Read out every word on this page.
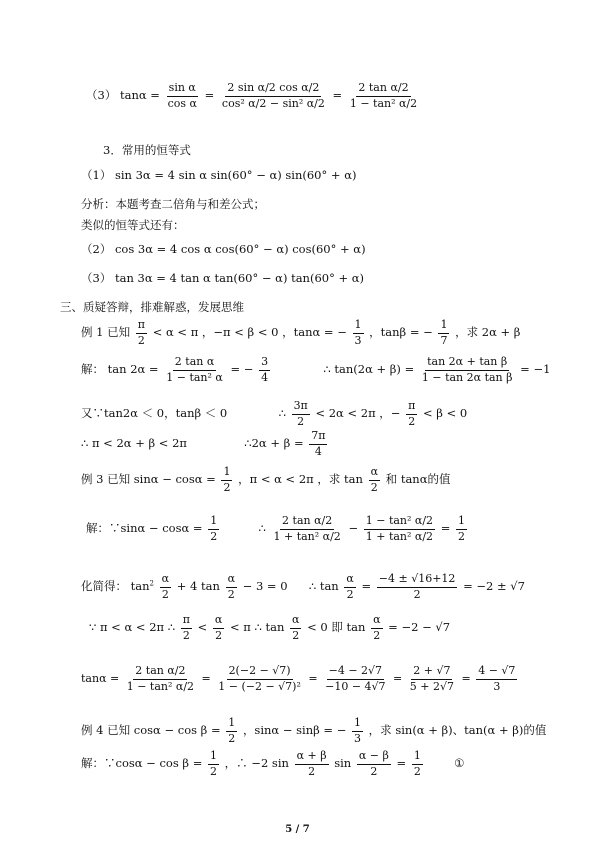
（3） $\tan\alpha = \frac{\text{sin α}}{\text{cos α}} = \frac{\text{2 sin α/2 cos α/2}}{\text{cos² α/2 − sin² α/2}} = \frac{\text{2 tan α/2}}{\text{1 − tan² α/2}}$
3．常用的恒等式
（1） sin 3α = 4 sin α sin(60° − α) sin(60° + α)
分析：本题考查二倍角与和差公式；
类似的恒等式还有：
（2） cos 3α = 4 cos α cos(60° − α) cos(60° + α)
（3） tan 3α = 4 tan α tan(60° − α) tan(60° + α)
三、质疑答辩，排难解惑，发展思维
例 1 已知 $\frac{\pi}{2} < \alpha < \pi$ ，−π < β < 0 ，tanα = − $\frac{1}{3}$ ，tanβ = − $\frac{1}{7}$ ，求 2α + β
解： $\tan 2\alpha = \frac{\text{2 tan α}}{\text{1 − tan² α}}$ = − $\frac{3}{4}$	∴ $\tan(2\alpha + \beta) = \frac{\text{tan 2α + tan β}}{\text{1 − tan 2α tan β}} = -1$
又∵tan2α ＜ 0，tanβ ＜ 0	∴ $\frac{3\pi}{2} < 2\alpha < 2\pi$ ，− $\frac{\pi}{2} < \beta < 0$
∴ π < 2α + β < 2π	∴2α + $\beta = \frac{7\pi}{4}$
例 3 已知 $\sin\alpha - \cos\alpha = \frac{1}{2}$ ，π < α < 2π ，求 $\tan \frac{\alpha}{2}$ 和 tanα的值
解：∵sinα − $\cos\alpha = \frac{1}{2}$	∴ $\frac{\text{2 tan α/2}}{\text{1 + tan² α/2}} - \frac{\text{1 − tan² α/2}}{\text{1 + tan² α/2}} = \frac{1}{2}$
化简得： $\tan^2 \frac{\alpha}{2} + 4$ $\tan \frac{\alpha}{2} - 3 = 0$ ∴ $\tan \frac{\alpha}{2} = \frac{-4 \pm √16+12}{2} = -2 \pm √7$
∵ π < α < 2π ∴ $\frac{\pi}{2} < \frac{\alpha}{2} < \pi$ ∴ $\tan \frac{\alpha}{2} < 0$ 即 $\tan \frac{\alpha}{2} = -2 - √7$
$\tan\alpha = \frac{\text{2 tan α/2}}{\text{1 − tan² α/2}} = \frac{2(-2 - √7)}{\text{1 − (−2 − √7)²}} = \frac{-4 - 2√7}{-10 - 4√7} = \frac{2 + √7}{5 + 2√7} = \frac{4 - √7}{3}$
例 4 已知 $\cos\alpha - \cos \beta = \frac{1}{2}$ ，sinα − sinβ = − $\frac{1}{3}$ ，求 sin(α + β)、tan(α + β)的值
解：∵cosα − $\cos \beta = \frac{1}{2}$ ，∴ −2 $\sin \frac{\alpha + \beta}{2}$ $\sin \frac{\alpha - \beta}{2} = \frac{1}{2}$	①
5 / 7
